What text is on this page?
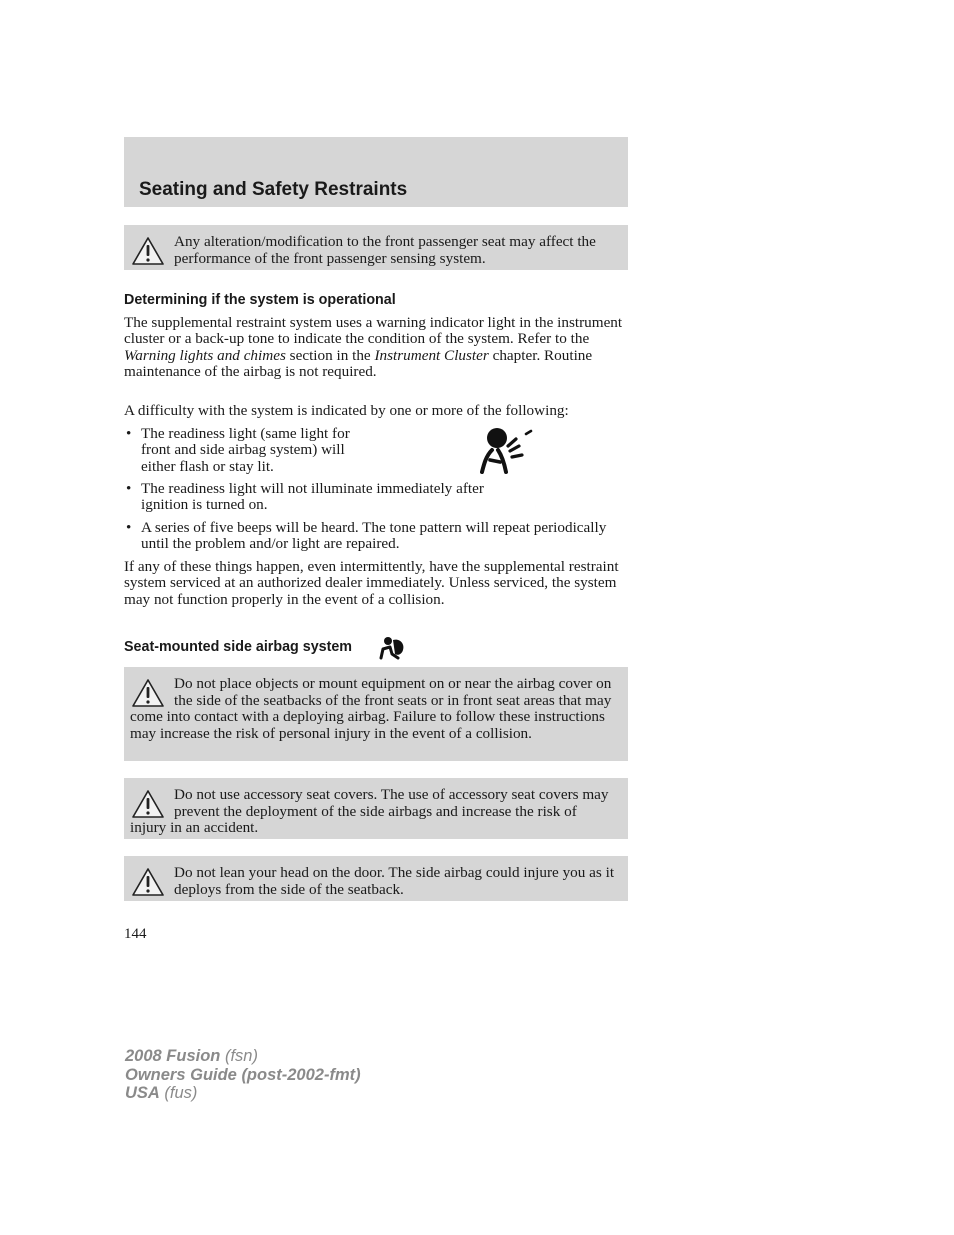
Seating and Safety Restraints

Any alteration/modification to the front passenger seat may affect the performance of the front passenger sensing system.

Determining if the system is operational

The supplemental restraint system uses a warning indicator light in the instrument cluster or a back-up tone to indicate the condition of the system. Refer to the Warning lights and chimes section in the Instrument Cluster chapter. Routine maintenance of the airbag is not required.

A difficulty with the system is indicated by one or more of the following:

• The readiness light (same light for front and side airbag system) will either flash or stay lit.

• The readiness light will not illuminate immediately after ignition is turned on.

• A series of five beeps will be heard. The tone pattern will repeat periodically until the problem and/or light are repaired.

If any of these things happen, even intermittently, have the supplemental restraint system serviced at an authorized dealer immediately. Unless serviced, the system may not function properly in the event of a collision.

Seat-mounted side airbag system

Do not place objects or mount equipment on or near the airbag cover on the side of the seatbacks of the front seats or in front seat areas that may come into contact with a deploying airbag. Failure to follow these instructions may increase the risk of personal injury in the event of a collision.

Do not use accessory seat covers. The use of accessory seat covers may prevent the deployment of the side airbags and increase the risk of injury in an accident.

Do not lean your head on the door. The side airbag could injure you as it deploys from the side of the seatback.

144
2008 Fusion (fsn)
Owners Guide (post-2002-fmt)
USA (fus)
